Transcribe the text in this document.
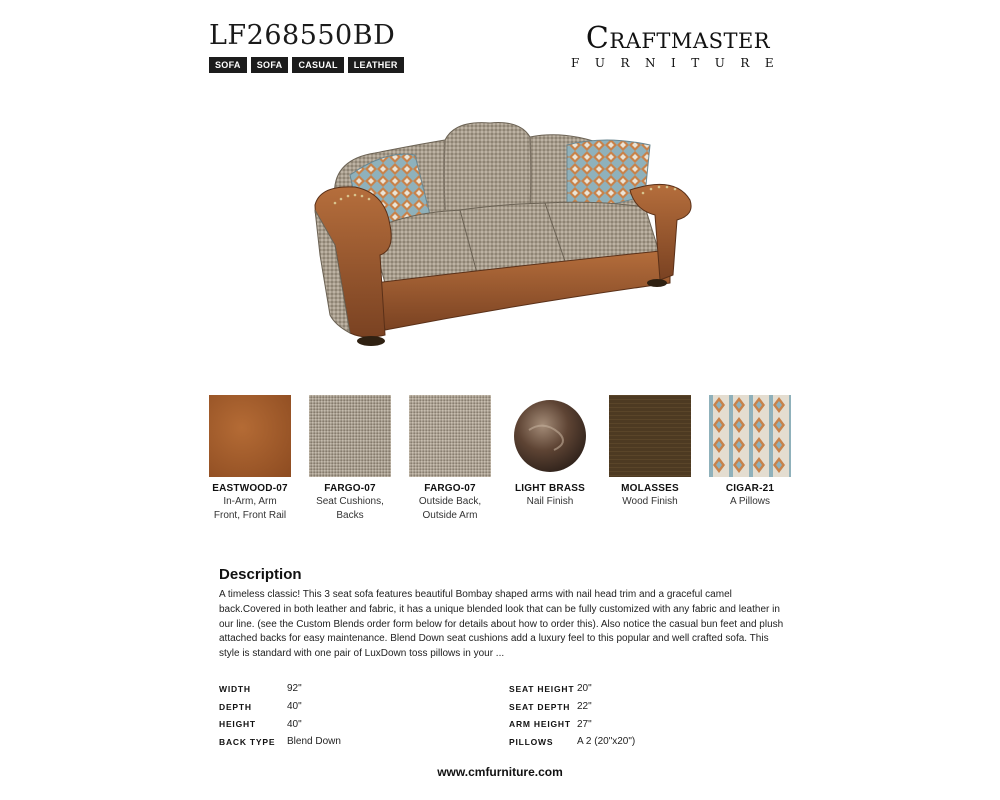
LF268550BD
SOFA	SOFA	CASUAL	LEATHER
Craftmaster
FURNITURE
EASTWOOD-07
In-Arm, Arm Front, Front Rail
FARGO-07
Seat Cushions, Backs
FARGO-07
Outside Back, Outside Arm
LIGHT BRASS
Nail Finish
MOLASSES
Wood Finish
CIGAR-21
A Pillows
Description
A timeless classic! This 3 seat sofa features beautiful Bombay shaped arms with nail head trim and a graceful camel back.Covered in both leather and fabric, it has a unique blended look that can be fully customized with any fabric and leather in our line. (see the Custom Blends order form below for details about how to order this). Also notice the casual bun feet and plush attached backs for easy maintenance. Blend Down seat cushions add a luxury feel to this popular and well crafted sofa. This style is standard with one pair of LuxDown toss pillows in your ...
WIDTH	92"
DEPTH	40"
HEIGHT	40"
BACK TYPE	Blend Down
SEAT HEIGHT 20"
SEAT DEPTH 22"
ARM HEIGHT 27"
PILLOWS	A 2 (20"x20")
www.cmfurniture.com
